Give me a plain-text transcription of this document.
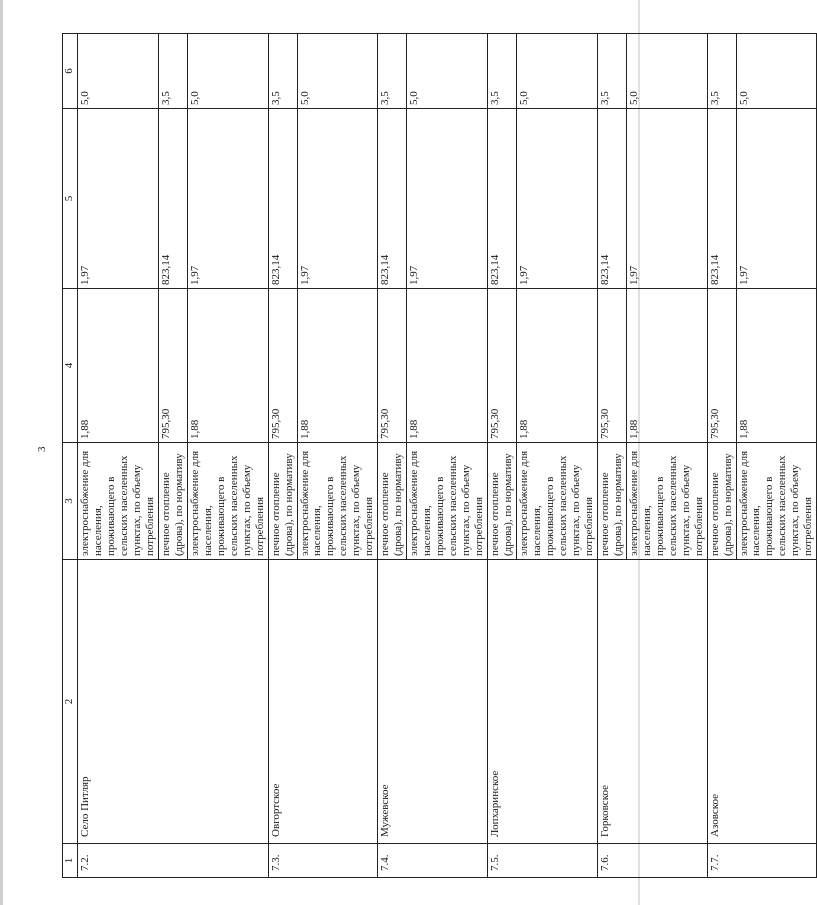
3
1	2	3	4	5	6
7.2.	Село Питляр	электроснабжение для населения, проживающего в сельских населенных пунктах, по объему потребления	1,88	1,97	5,0
		печное отопление (дрова), по нормативу	795,30	823,14	3,5
		электроснабжение для населения, проживающего в сельских населенных пунктах, по объему потребления	1,88	1,97	5,0
7.3.	Овгортское	печное отопление (дрова), по нормативу	795,30	823,14	3,5
		электроснабжение для населения, проживающего в сельских населенных пунктах, по объему потребления	1,88	1,97	5,0
7.4.	Мужевское	печное отопление (дрова), по нормативу	795,30	823,14	3,5
		электроснабжение для населения, проживающего в сельских населенных пунктах, по объему потребления	1,88	1,97	5,0
7.5.	Лопхаринское	печное отопление (дрова), по нормативу	795,30	823,14	3,5
		электроснабжение для населения, проживающего в сельских населенных пунктах, по объему потребления	1,88	1,97	5,0
7.6.	Горковское	печное отопление (дрова), по нормативу	795,30	823,14	3,5
		электроснабжение для населения, проживающего в сельских населенных пунктах, по объему потребления	1,88	1,97	5,0
7.7.	Азовское	печное отопление (дрова), по нормативу	795,30	823,14	3,5
		электроснабжение для населения, проживающего в сельских населенных пунктах, по объему потребления	1,88	1,97	5,0
